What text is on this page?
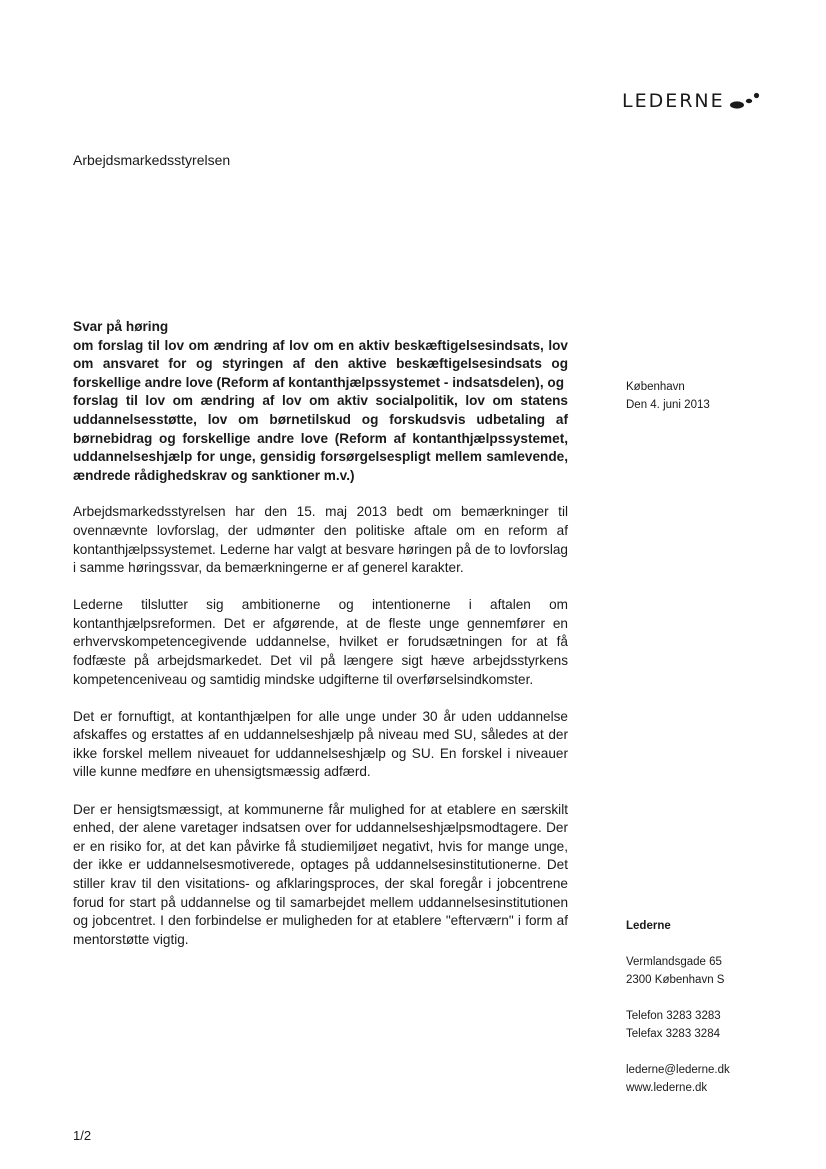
LEDERNE
Arbejdsmarkedsstyrelsen
Svar på høring
om forslag til lov om ændring af lov om en aktiv beskæftigelsesindsats, lov om ansvaret for og styringen af den aktive beskæftigelsesindsats og forskellige andre love (Reform af kontanthjælpssystemet - indsatsdelen), og
forslag til lov om ændring af lov om aktiv socialpolitik, lov om statens uddannelsesstøtte, lov om børnetilskud og forskudsvis udbetaling af børnebidrag og forskellige andre love (Reform af kontanthjælpssystemet, uddannelseshjælp for unge, gensidig forsørgelsespligt mellem samlevende, ændrede rådighedskrav og sanktioner m.v.)

Arbejdsmarkedsstyrelsen har den 15. maj 2013 bedt om bemærkninger til ovennævnte lovforslag, der udmønter den politiske aftale om en reform af kontanthjælpssystemet. Lederne har valgt at besvare høringen på de to lovforslag i samme høringssvar, da bemærkningerne er af generel karakter.

Lederne tilslutter sig ambitionerne og intentionerne i aftalen om kontanthjælpsreformen. Det er afgørende, at de fleste unge gennemfører en erhvervskompetencegivende uddannelse, hvilket er forudsætningen for at få fodfæste på arbejdsmarkedet. Det vil på længere sigt hæve arbejdsstyrkens kompetenceniveau og samtidig mindske udgifterne til overførselsindkomster.

Det er fornuftigt, at kontanthjælpen for alle unge under 30 år uden uddannelse afskaffes og erstattes af en uddannelseshjælp på niveau med SU, således at der ikke forskel mellem niveauet for uddannelseshjælp og SU. En forskel i niveauer ville kunne medføre en uhensigtsmæssig adfærd.

Der er hensigtsmæssigt, at kommunerne får mulighed for at etablere en særskilt enhed, der alene varetager indsatsen over for uddannelseshjælpsmodtagere. Der er en risiko for, at det kan påvirke få studiemiljøet negativt, hvis for mange unge, der ikke er uddannelsesmotiverede, optages på uddannelsesinstitutionerne. Det stiller krav til den visitations- og afklaringsproces, der skal foregår i jobcentrene forud for start på uddannelse og til samarbejdet mellem uddannelsesinstitutionen og jobcentret. I den forbindelse er muligheden for at etablere "efterværn" i form af mentorstøtte vigtig.

København
Den 4. juni 2013
Lederne
Vermlandsgade 65
2300 København S
Telefon 3283 3283
Telefax 3283 3284
lederne@lederne.dk
www.lederne.dk
1/2
